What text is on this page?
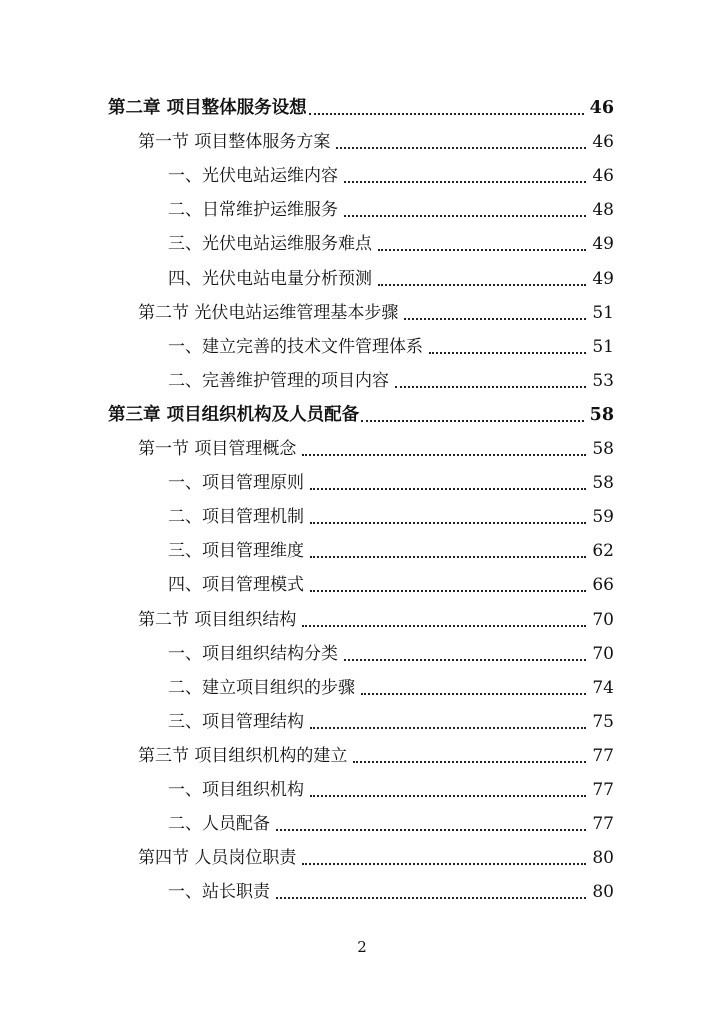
第二章 项目整体服务设想	46
第一节 项目整体服务方案	46
一、光伏电站运维内容	46
二、日常维护运维服务	48
三、光伏电站运维服务难点	49
四、光伏电站电量分析预测	49
第二节 光伏电站运维管理基本步骤	51
一、建立完善的技术文件管理体系	51
二、完善维护管理的项目内容	53
第三章 项目组织机构及人员配备	58
第一节 项目管理概念	58
一、项目管理原则	58
二、项目管理机制	59
三、项目管理维度	62
四、项目管理模式	66
第二节 项目组织结构	70
一、项目组织结构分类	70
二、建立项目组织的步骤	74
三、项目管理结构	75
第三节 项目组织机构的建立	77
一、项目组织机构	77
二、人员配备	77
第四节 人员岗位职责	80
一、站长职责	80
2
